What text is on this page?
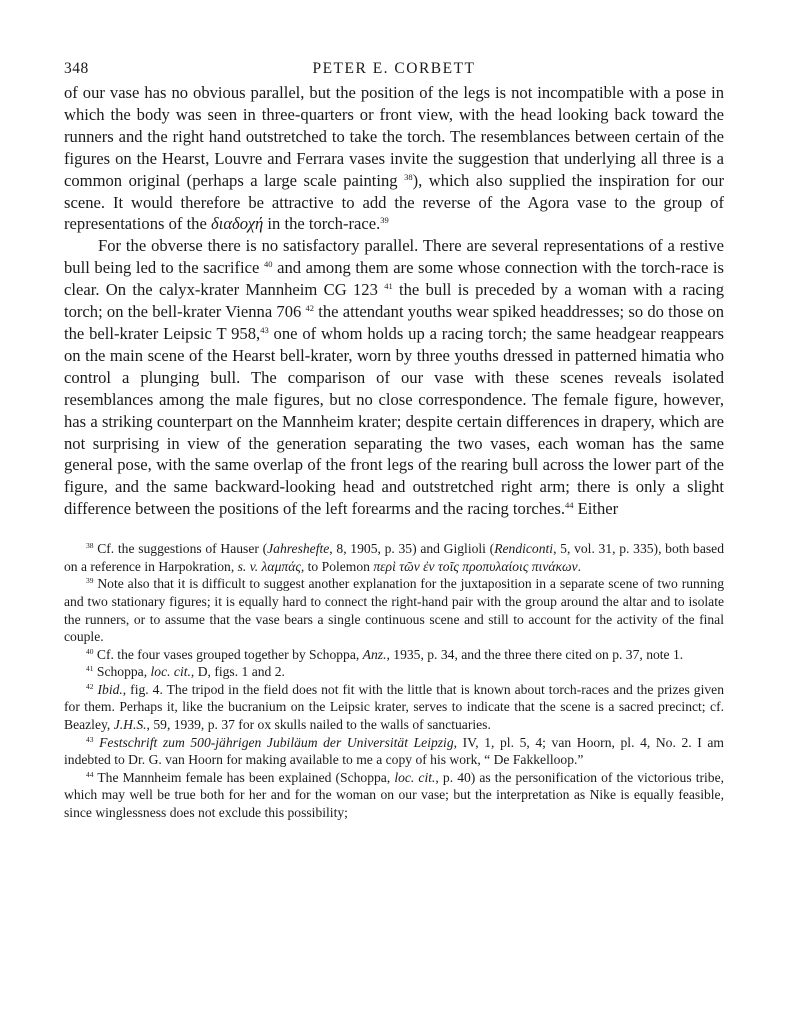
348	PETER E. CORBETT

of our vase has no obvious parallel, but the position of the legs is not incompatible with a pose in which the body was seen in three-quarters or front view, with the head looking back toward the runners and the right hand outstretched to take the torch. The resemblances between certain of the figures on the Hearst, Louvre and Ferrara vases invite the suggestion that underlying all three is a common original (perhaps a large scale painting $^{38}$), which also supplied the inspiration for our scene. It would therefore be attractive to add the reverse of the Agora vase to the group of representations of the διαδοχή in the torch-race.$^{39}$

For the obverse there is no satisfactory parallel. There are several representations of a restive bull being led to the sacrifice $^{40}$ and among them are some whose connection with the torch-race is clear. On the calyx-krater Mannheim CG 123 $^{41}$ the bull is preceded by a woman with a racing torch; on the bell-krater Vienna 706 $^{42}$ the attendant youths wear spiked headdresses; so do those on the bell-krater Leipsic T 958,43 one of whom holds up a racing torch; the same headgear reappears on the main scene of the Hearst bell-krater, worn by three youths dressed in patterned himatia who control a plunging bull. The comparison of our vase with these scenes reveals isolated resemblances among the male figures, but no close correspondence. The female figure, however, has a striking counterpart on the Mannheim krater; despite certain differences in drapery, which are not surprising in view of the generation separating the two vases, each woman has the same general pose, with the same overlap of the front legs of the rearing bull across the lower part of the figure, and the same backward-looking head and outstretched right arm; there is only a slight difference between the positions of the left forearms and the racing torches.$^{44}$ Either

$^{38}$ Cf. the suggestions of Hauser (Jahreshefte, 8, 1905, p. 35) and Giglioli (Rendiconti, 5, vol. 31, p. 335), both based on a reference in Harpokration, s. v. λαμπάς, to Polemon περὶ τῶν ἐν τοῖς προπυλαίοις πινάκων.

$^{39}$ Note also that it is difficult to suggest another explanation for the juxtaposition in a separate scene of two running and two stationary figures; it is equally hard to connect the right-hand pair with the group around the altar and to isolate the runners, or to assume that the vase bears a single continuous scene and still to account for the activity of the final couple.

$^{40}$ Cf. the four vases grouped together by Schoppa, Anz., 1935, p. 34, and the three there cited on p. 37, note 1.

$^{41}$ Schoppa, loc. cit., D, figs. 1 and 2.

$^{42}$ Ibid., fig. 4. The tripod in the field does not fit with the little that is known about torch-races and the prizes given for them. Perhaps it, like the bucranium on the Leipsic krater, serves to indicate that the scene is a sacred precinct; cf. Beazley, J.H.S., 59, 1939, p. 37 for ox skulls nailed to the walls of sanctuaries.

$^{43}$ Festschrift zum 500-jährigen Jubiläum der Universität Leipzig, IV, 1, pl. 5, 4; van Hoorn, pl. 4, No. 2. I am indebted to Dr. G. van Hoorn for making available to me a copy of his work, “ De Fakkelloop.”

$^{44}$ The Mannheim female has been explained (Schoppa, loc. cit., p. 40) as the personification of the victorious tribe, which may well be true both for her and for the woman on our vase; but the interpretation as Nike is equally feasible, since winglessness does not exclude this possibility;
